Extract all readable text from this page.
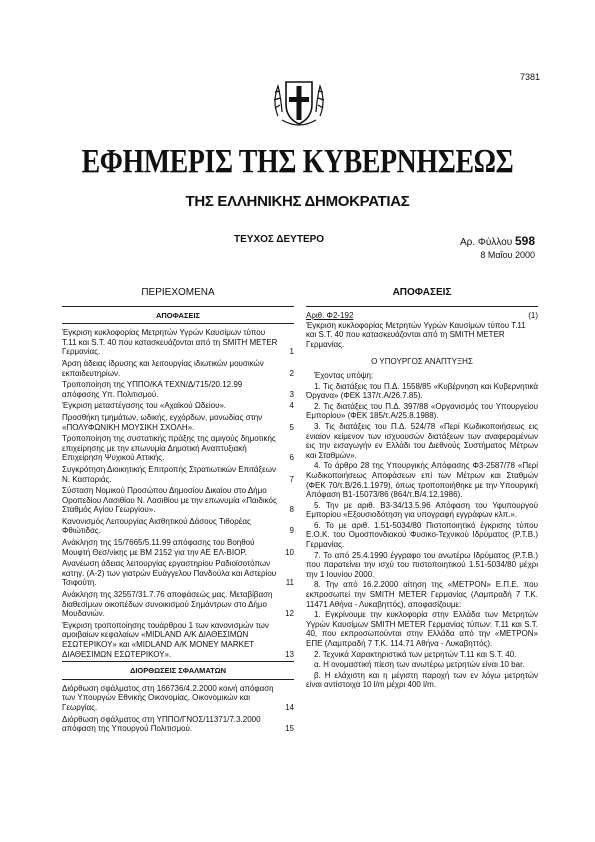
7381
ΕΦΗΜΕΡΙΣ ΤΗΣ ΚΥΒΕΡΝΗΣΕΩΣ
ΤΗΣ ΕΛΛΗΝΙΚΗΣ ΔΗΜΟΚΡΑΤΙΑΣ
ΤΕΥΧΟΣ ΔΕΥΤΕΡΟ	Αρ. Φύλλου 598
8 Μαΐου 2000
ΠΕΡΙΕΧΟΜΕΝΑ
ΑΠΟΦΑΣΕΙΣ
Έγκριση κυκλοφορίας Μετρητών Υγρών Καυσίμων τύπου Τ.11 και S.T. 40 που κατασκευάζονται από τη SMITH METER Γερμανίας.	1
Άρση άδειας ίδρυσης και λειτουργίας ιδιωτικών μουσικών εκπαιδευτηρίων.	2
Τροποποίηση της ΥΠΠΟ/ΚΑ ΤΕΧΝ/Δ/715/20.12.99 απόφασης Υπ. Πολιτισμού.	3
Έγκριση μεταστέγασης του «Αχαϊκού Ωδείου».	4
Προσθήκη τμημάτων, ωδικής, εγχόρδων, μονωδίας στην «ΠΟΛΥΦΩΝΙΚΗ ΜΟΥΣΙΚΗ ΣΧΟΛΗ».	5
Τροποποίηση της συστατικής πράξης της αμιγούς δημοτικής επιχείρησης με την επωνυμία Δημοτική Αναπτυξιακή Επιχείρηση Ψυχικού Αττικής.	6
Συγκρότηση Διοικητικής Επιτροπής Στρατιωτικών Επιτάξεων Ν. Καστοριάς.	7
Σύσταση Νομικού Προσώπου Δημοσίου Δικαίου στο Δήμο Οροπεδίου Λασιθίου Ν. Λασιθίου με την επωνυμία «Παιδικός Σταθμός Αγίου Γεωργίου».	8
Κανονισμός Λειτουργίας Αισθητικού Δάσους Τιθορέας Φθιώτιδας.	9
Ανάκληση της 15/7665/5.11.99 απόφασης του Βοηθού Μουφτή Θεσ/νίκης με ΒΜ 2152 για την ΑΕ ΕΛ-ΒΙΟΡ.	10
Ανανέωση άδειας λειτουργίας εργαστηρίου Ραδιοϊσοτόπων κατηγ. (Α-2) των γιατρών Ευάγγελου Πανδούλα και Αστερίου Τσιφούτη.	11
Ανάκληση της 32557/31.7.76 αποφάσεώς μας. Μεταβίβαση διαθεσίμων οικοπέδων συνοικισμού Σημάντρων στο Δήμο Μουδανιών.	12
Έγκριση τροποποίησης τουάρθρου 1 των κανονισμών των αμοιβαίων κεφαλαίων «MIDLAND Α/Κ ΔΙΑΘΕΣΙΜΩΝ ΕΣΩΤΕΡΙΚΟΥ» και «MIDLAND Α/Κ MONEY MARKET ΔΙΑΘΕΣΙΜΩΝ ΕΣΩΤΕΡΙΚΟΥ».	13
ΔΙΟΡΘΩΣΕΙΣ ΣΦΑΛΜΑΤΩΝ
Διόρθωση σφάλματος στη 166736/4.2.2000 κοινή απόφαση των Υπουργών Εθνικής Οικονομίας, Οικονομικών και Γεωργίας.	14
Διόρθωση σφάλματος στη ΥΠΠΟ/ΓΝΟΣ/11371/7.3.2000 απόφαση της Υπουργού Πολιτισμού.	15
ΑΠΟΦΑΣΕΙΣ
Αριθ. Φ2-192	(1)
Έγκριση κυκλοφορίας Μετρητών Υγρών Καυσίμων τύπου Τ.11 και S.T. 40 που κατασκευάζονται από τη SMITH METER Γερμανίας.
Ο ΥΠΟΥΡΓΟΣ ΑΝΑΠΤΥΞΗΣ
Έχοντας υπόψη:
1. Τις διατάξεις του Π.Δ. 1558/85 «Κυβέρνηση και Κυβερνητικά Όργανα» (ΦΕΚ 137/τ.Α/26.7.85).
2. Τις διατάξεις του Π.Δ. 397/88 «Οργανισμός του Υπουργείου Εμπορίου» (ΦΕΚ 185/τ.Α/25.8.1988).
3. Τις διατάξεις του Π.Δ. 524/78 «Περί Κωδικοποιήσεως εις ενιαίον κείμενον των ισχυουσών διατάξεων των αναφερομένων εις την εισαγωγήν εν Ελλάδι του Διεθνούς Συστήματος Μέτρων και Σταθμών».
4. Το άρθρο 28 της Υπουργικής Απόφασης Φ3-2587/78 «Περί Κωδικοποιήσεως Αποφάσεων επί των Μέτρων και Σταθμών (ΦΕΚ 70/τ.Β/26.1.1979), όπως τροποποιήθηκε με την Υπουργική Απόφαση Β1-15073/86 (864/τ.Β/4.12.1986).
5. Την με αριθ. Β3-34/13.5.96 Απόφαση του Υφυπουργού Εμπορίου «Εξουσιοδότηση για υπογραφή εγγράφων κλπ.».
6. Το με αριθ. 1.51-5034/80 Πιστοποιητικό έγκρισης τύπου Ε.Ο.Κ. του Ομοσπονδιακού Φυσικο-Τεχνικού Ιδρύματος (Ρ.Τ.Β.) Γερμανίας.
7. Το από 25.4.1990 έγγραφο του ανωτέρω Ιδρύματος (Ρ.Τ.Β.) που παρατείνει την ισχύ του πιστοποιητικού 1.51-5034/80 μέχρι την 1 Ιουνίου 2000.
8. Την από 16.2.2000 αίτηση της «ΜΕΤΡΟΝ» Ε.Π.Ε. που εκπροσωπεί την SMITH METER Γερμανίας (Λαμπραδή 7 Τ.Κ. 11471 Αθήνα - Λυκαβηττός), αποφασίζουμε:
1. Εγκρίνουμε την κυκλοφορία στην Ελλάδα των Μετρητών Υγρών Καυσίμων SMITH METER Γερμανίας τύπων: Τ.11 και S.T. 40, που εκπροσωπούνται στην Ελλάδα από την «ΜΕΤΡΟΝ» ΕΠΕ (Λαμπραδή 7 Τ.Κ. 114.71 Αθήνα - Λυκαβηττός).
2. Τεχνικά Χαρακτηριστικά των μετρητών Τ.11 και S.T. 40.
α. Η ονομαστική πίεση των ανωτέρω μετρητών είναι 10 bar.
β. Η ελάχιστη και η μέγιστη παροχή των εν λόγω μετρητών είναι αντίστοιχα 10 l/m μέχρι 400 l/m.
